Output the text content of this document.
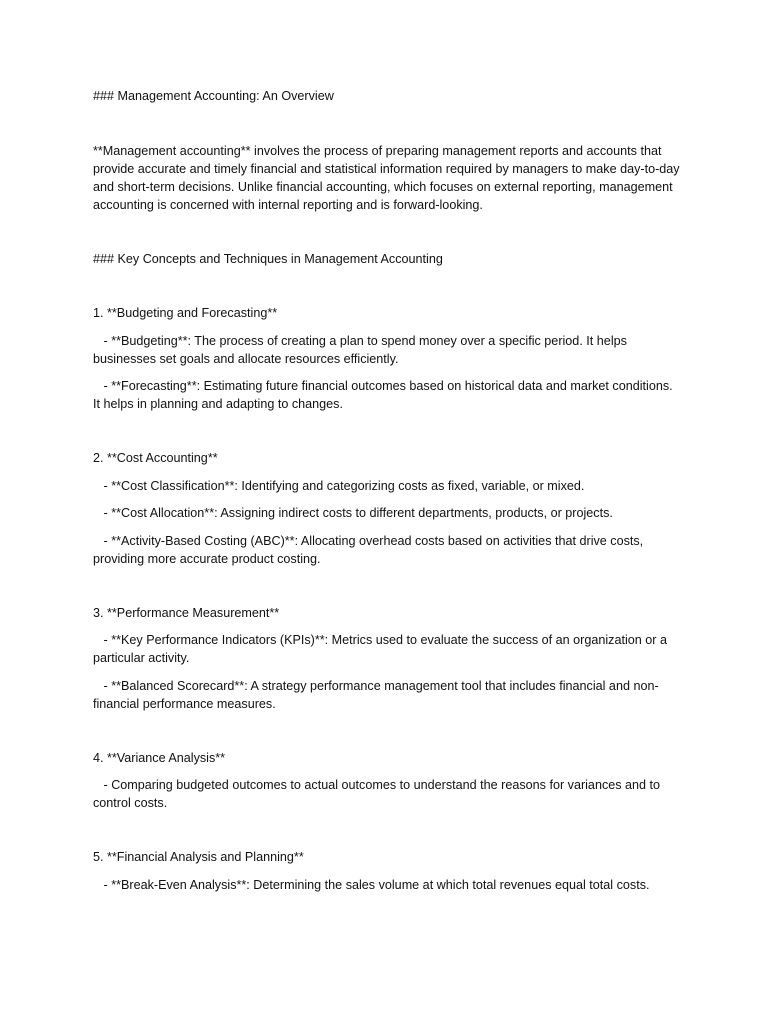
### Management Accounting: An Overview

**Management accounting** involves the process of preparing management reports and accounts that provide accurate and timely financial and statistical information required by managers to make day-to-day and short-term decisions. Unlike financial accounting, which focuses on external reporting, management accounting is concerned with internal reporting and is forward-looking.

### Key Concepts and Techniques in Management Accounting

1. **Budgeting and Forecasting**

- **Budgeting**: The process of creating a plan to spend money over a specific period. It helps businesses set goals and allocate resources efficiently.

- **Forecasting**: Estimating future financial outcomes based on historical data and market conditions. It helps in planning and adapting to changes.

2. **Cost Accounting**

- **Cost Classification**: Identifying and categorizing costs as fixed, variable, or mixed.

- **Cost Allocation**: Assigning indirect costs to different departments, products, or projects.

- **Activity-Based Costing (ABC)**: Allocating overhead costs based on activities that drive costs, providing more accurate product costing.

3. **Performance Measurement**

- **Key Performance Indicators (KPIs)**: Metrics used to evaluate the success of an organization or a particular activity.

- **Balanced Scorecard**: A strategy performance management tool that includes financial and non-financial performance measures.

4. **Variance Analysis**

- Comparing budgeted outcomes to actual outcomes to understand the reasons for variances and to control costs.

5. **Financial Analysis and Planning**

- **Break-Even Analysis**: Determining the sales volume at which total revenues equal total costs.
